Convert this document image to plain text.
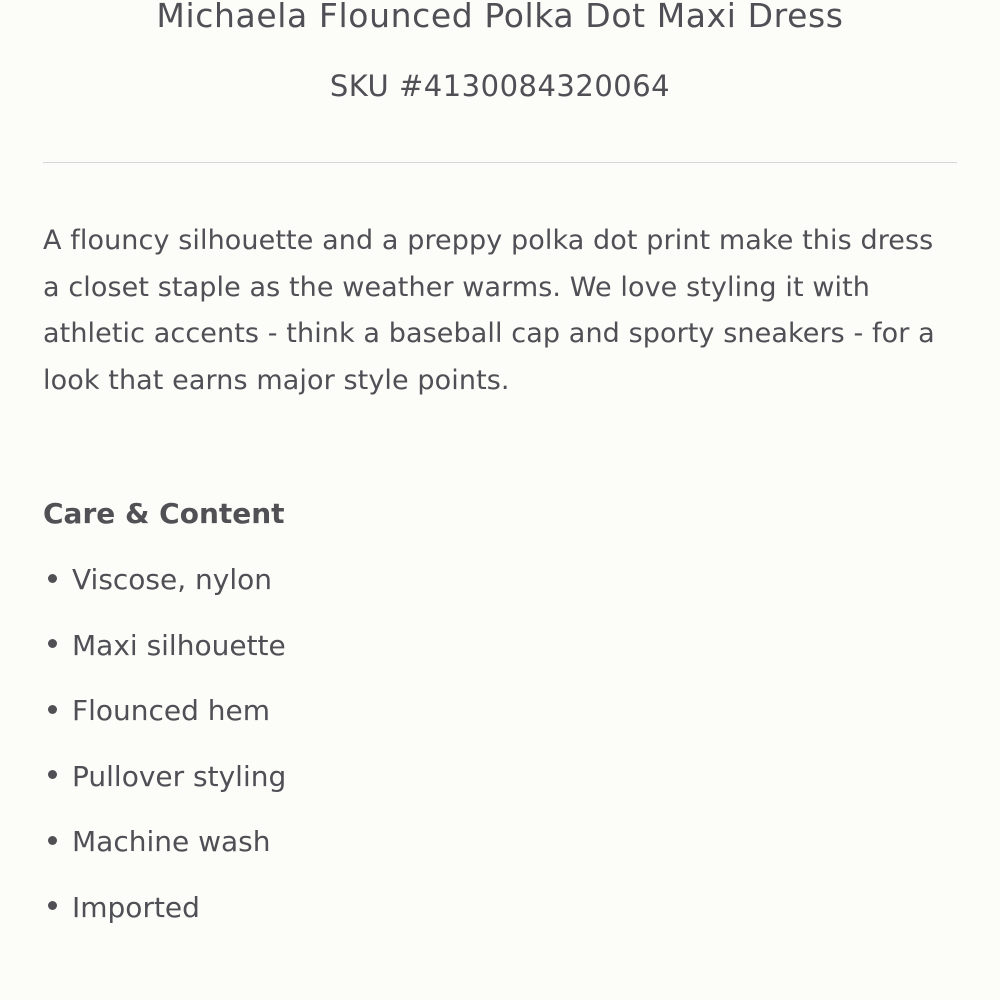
Michaela Flounced Polka Dot Maxi Dress
SKU #4130084320064

A flouncy silhouette and a preppy polka dot print make this dress a closet staple as the weather warms. We love styling it with athletic accents - think a baseball cap and sporty sneakers - for a look that earns major style points.

Care & Content
Viscose, nylon
Maxi silhouette
Flounced hem
Pullover styling
Machine wash
Imported
